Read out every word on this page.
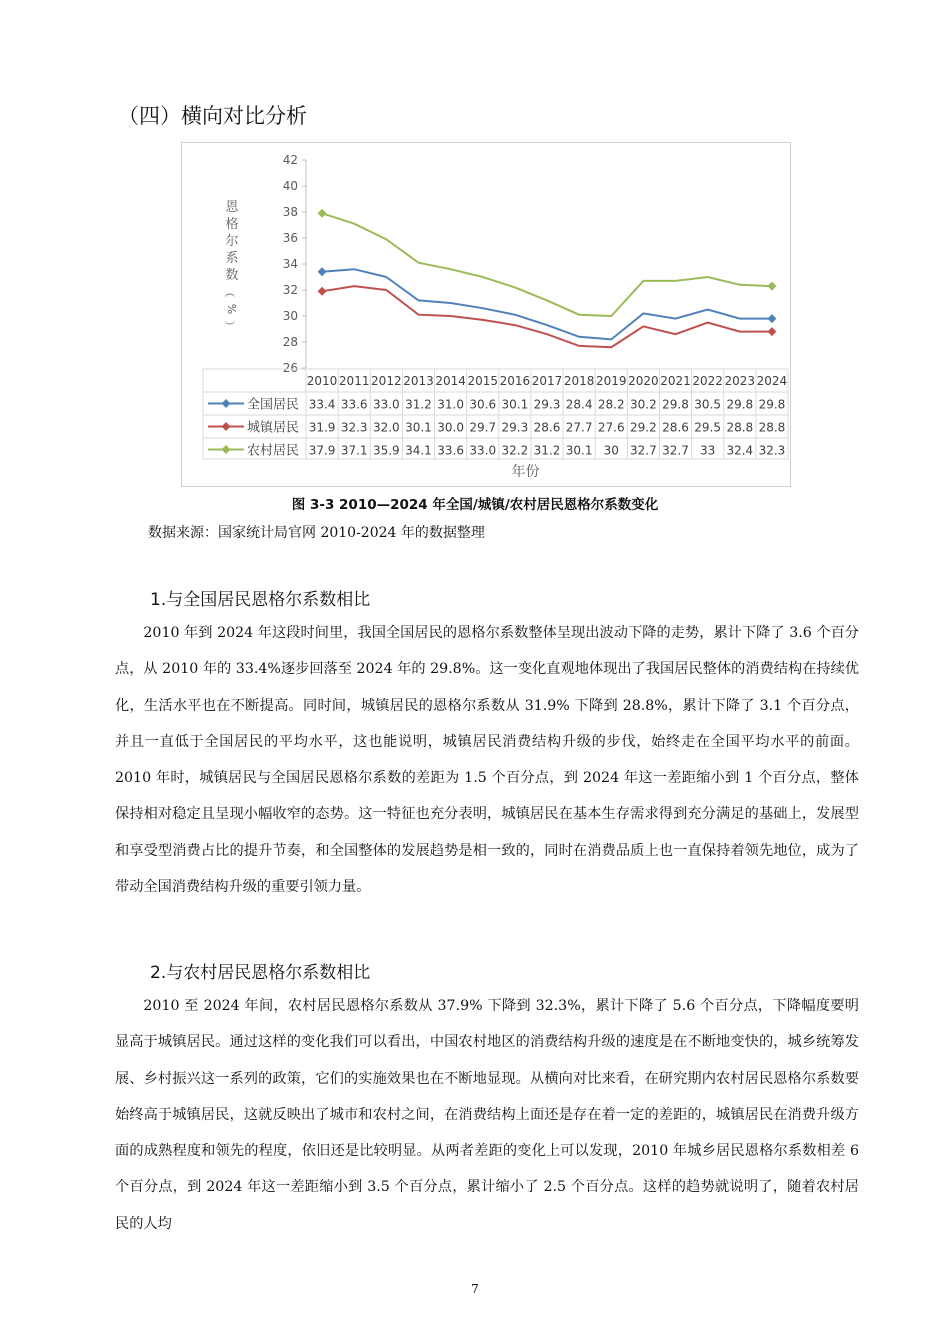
（四）横向对比分析
26
28
30
32
34
36
38
40
42
恩
格
尔
系
数
（
%
）
2010 2011 2012 2013 2014 2015 2016 2017 2018 2019 2020 2021 2022 2023 2024
全国居民 33.4 33.6 33.0 31.2 31.0 30.6 30.1 29.3 28.4 28.2 30.2 29.8 30.5 29.8 29.8
城镇居民 31.9 32.3 32.0 30.1 30.0 29.7 29.3 28.6 27.7 27.6 29.2 28.6 29.5 28.8 28.8
农村居民 37.9 37.1 35.9 34.1 33.6 33.0 32.2 31.2 30.1 30 32.7 32.7 33 32.4 32.3
年份
图 3-3 2010—2024 年全国/城镇/农村居民恩格尔系数变化
数据来源：国家统计局官网 2010-2024 年的数据整理
1.与全国居民恩格尔系数相比

2010 年到 2024 年这段时间里，我国全国居民的恩格尔系数整体呈现出波动下降的走势，累计下降了 3.6 个百分点，从 2010 年的 33.4%逐步回落至 2024 年的 29.8%。这一变化直观地体现出了我国居民整体的消费结构在持续优化，生活水平也在不断提高。同时间，城镇居民的恩格尔系数从 31.9% 下降到 28.8%，累计下降了 3.1 个百分点，并且一直低于全国居民的平均水平，这也能说明，城镇居民消费结构升级的步伐，始终走在全国平均水平的前面。2010 年时，城镇居民与全国居民恩格尔系数的差距为 1.5 个百分点，到 2024 年这一差距缩小到 1 个百分点，整体保持相对稳定且呈现小幅收窄的态势。这一特征也充分表明，城镇居民在基本生存需求得到充分满足的基础上，发展型和享受型消费占比的提升节奏，和全国整体的发展趋势是相一致的，同时在消费品质上也一直保持着领先地位，成为了带动全国消费结构升级的重要引领力量。

2.与农村居民恩格尔系数相比

2010 至 2024 年间，农村居民恩格尔系数从 37.9% 下降到 32.3%，累计下降了 5.6 个百分点，下降幅度要明显高于城镇居民。通过这样的变化我们可以看出，中国农村地区的消费结构升级的速度是在不断地变快的，城乡统筹发展、乡村振兴这一系列的政策，它们的实施效果也在不断地显现。从横向对比来看，在研究期内农村居民恩格尔系数要始终高于城镇居民，这就反映出了城市和农村之间，在消费结构上面还是存在着一定的差距的，城镇居民在消费升级方面的成熟程度和领先的程度，依旧还是比较明显。从两者差距的变化上可以发现，2010 年城乡居民恩格尔系数相差 6 个百分点，到 2024 年这一差距缩小到 3.5 个百分点，累计缩小了 2.5 个百分点。这样的趋势就说明了，随着农村居民的人均

7
